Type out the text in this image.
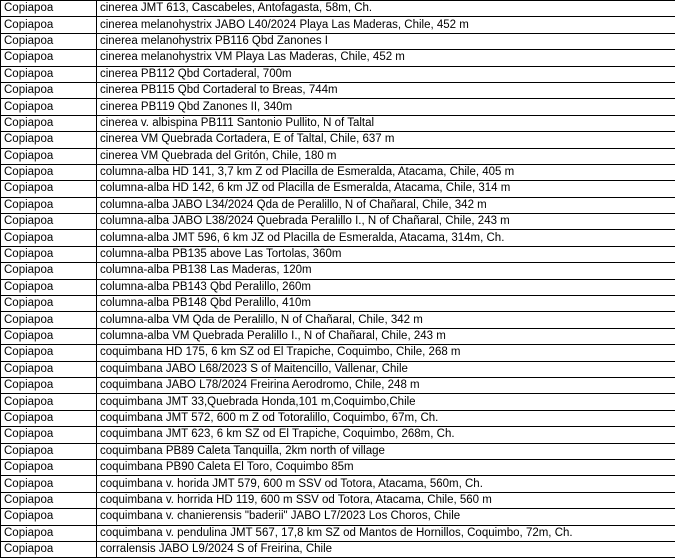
Copiapoa	cinerea JMT 613, Cascabeles, Antofagasta, 58m, Ch.
Copiapoa	cinerea melanohystrix JABO L40/2024 Playa Las Maderas, Chile, 452 m
Copiapoa	cinerea melanohystrix PB116 Qbd Zanones I
Copiapoa	cinerea melanohystrix VM Playa Las Maderas, Chile, 452 m
Copiapoa	cinerea PB112 Qbd Cortaderal, 700m
Copiapoa	cinerea PB115 Qbd Cortaderal to Breas, 744m
Copiapoa	cinerea PB119 Qbd Zanones II, 340m
Copiapoa	cinerea v. albispina PB111 Santonio Pullito, N of Taltal
Copiapoa	cinerea VM Quebrada Cortadera, E of Taltal, Chile, 637 m
Copiapoa	cinerea VM Quebrada del Gritón, Chile, 180 m
Copiapoa	columna-alba HD 141, 3,7 km Z od Placilla de Esmeralda, Atacama, Chile, 405 m
Copiapoa	columna-alba HD 142, 6 km JZ od Placilla de Esmeralda, Atacama, Chile, 314 m
Copiapoa	columna-alba JABO L34/2024 Qda de Peralillo, N of Chañaral, Chile, 342 m
Copiapoa	columna-alba JABO L38/2024 Quebrada Peralillo I., N of Chañaral, Chile, 243 m
Copiapoa	columna-alba JMT 596, 6 km JZ od Placilla de Esmeralda, Atacama, 314m, Ch.
Copiapoa	columna-alba PB135 above Las Tortolas, 360m
Copiapoa	columna-alba PB138 Las Maderas, 120m
Copiapoa	columna-alba PB143 Qbd Peralillo, 260m
Copiapoa	columna-alba PB148 Qbd Peralillo, 410m
Copiapoa	columna-alba VM Qda de Peralillo, N of Chañaral, Chile, 342 m
Copiapoa	columna-alba VM Quebrada Peralillo I., N of Chañaral, Chile, 243 m
Copiapoa	coquimbana HD 175, 6 km SZ od El Trapiche, Coquimbo, Chile, 268 m
Copiapoa	coquimbana JABO L68/2023 S of Maitencillo, Vallenar, Chile
Copiapoa	coquimbana JABO L78/2024 Freirina Aerodromo, Chile, 248 m
Copiapoa	coquimbana JMT 33,Quebrada Honda,101 m,Coquimbo,Chile
Copiapoa	coquimbana JMT 572, 600 m Z od Totoralillo, Coquimbo, 67m, Ch.
Copiapoa	coquimbana JMT 623, 6 km SZ od El Trapiche, Coquimbo, 268m, Ch.
Copiapoa	coquimbana PB89 Caleta Tanquilla, 2km north of village
Copiapoa	coquimbana PB90 Caleta El Toro, Coquimbo 85m
Copiapoa	coquimbana v. horida JMT 579, 600 m SSV od Totora, Atacama, 560m, Ch.
Copiapoa	coquimbana v. horrida HD 119, 600 m SSV od Totora, Atacama, Chile, 560 m
Copiapoa	coquimbana v. chanierensis "baderii" JABO L7/2023 Los Choros, Chile
Copiapoa	coquimbana v. pendulina JMT 567, 17,8 km SZ od Mantos de Hornillos, Coquimbo, 72m, Ch.
Copiapoa	corralensis JABO L9/2024 S of Freirina, Chile
